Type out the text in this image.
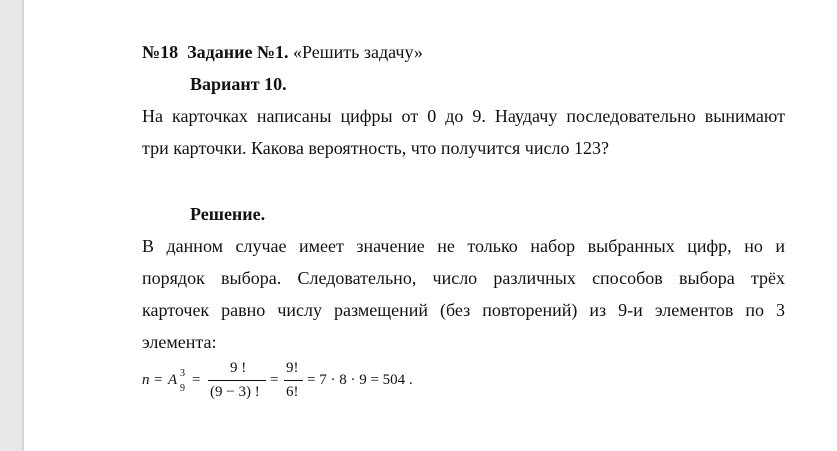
№18 Задание №1. «Решить задачу»
Вариант 10.
На карточках написаны цифры от 0 до 9. Наудачу последовательно вынимают
три карточки. Какова вероятность, что получится число 123?
Решение.
В данном случае имеет значение не только набор выбранных цифр, но и
порядок выбора. Следовательно, число различных способов выбора трёх
карточек равно числу размещений (без повторений) из 9-и элементов по 3
элемента:
n = A 3
9
=
9 !
(9 − 3) !
=
9!
6!
= 7 · 8 · 9 = 504 .
